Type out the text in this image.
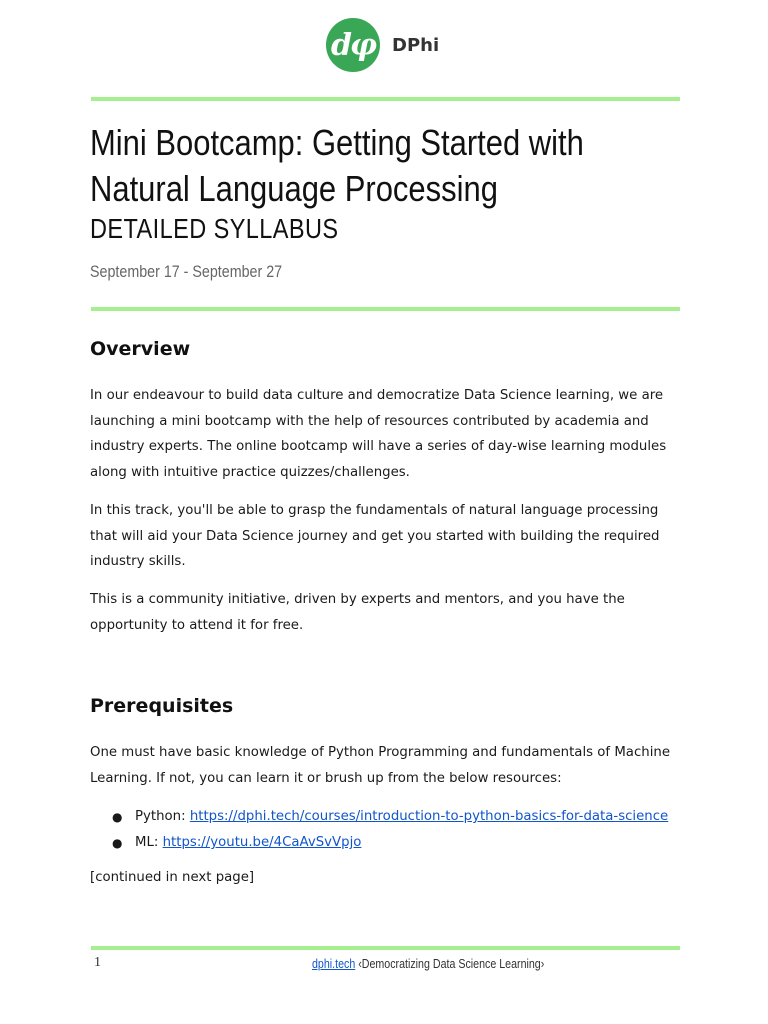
dφ DPhi
Mini Bootcamp: Getting Started with Natural Language Processing
DETAILED SYLLABUS
September 17 - September 27
Overview

In our endeavour to build data culture and democratize Data Science learning, we are launching a mini bootcamp with the help of resources contributed by academia and industry experts. The online bootcamp will have a series of day-wise learning modules along with intuitive practice quizzes/challenges.

In this track, you'll be able to grasp the fundamentals of natural language processing that will aid your Data Science journey and get you started with building the required industry skills.

This is a community initiative, driven by experts and mentors, and you have the opportunity to attend it for free.

Prerequisites

One must have basic knowledge of Python Programming and fundamentals of Machine Learning. If not, you can learn it or brush up from the below resources:

● Python: https://dphi.tech/courses/introduction-to-python-basics-for-data-science
● ML: https://youtu.be/4CaAvSvVpjo
[continued in next page]
1	dphi.tech ‹Democratizing Data Science Learning›
